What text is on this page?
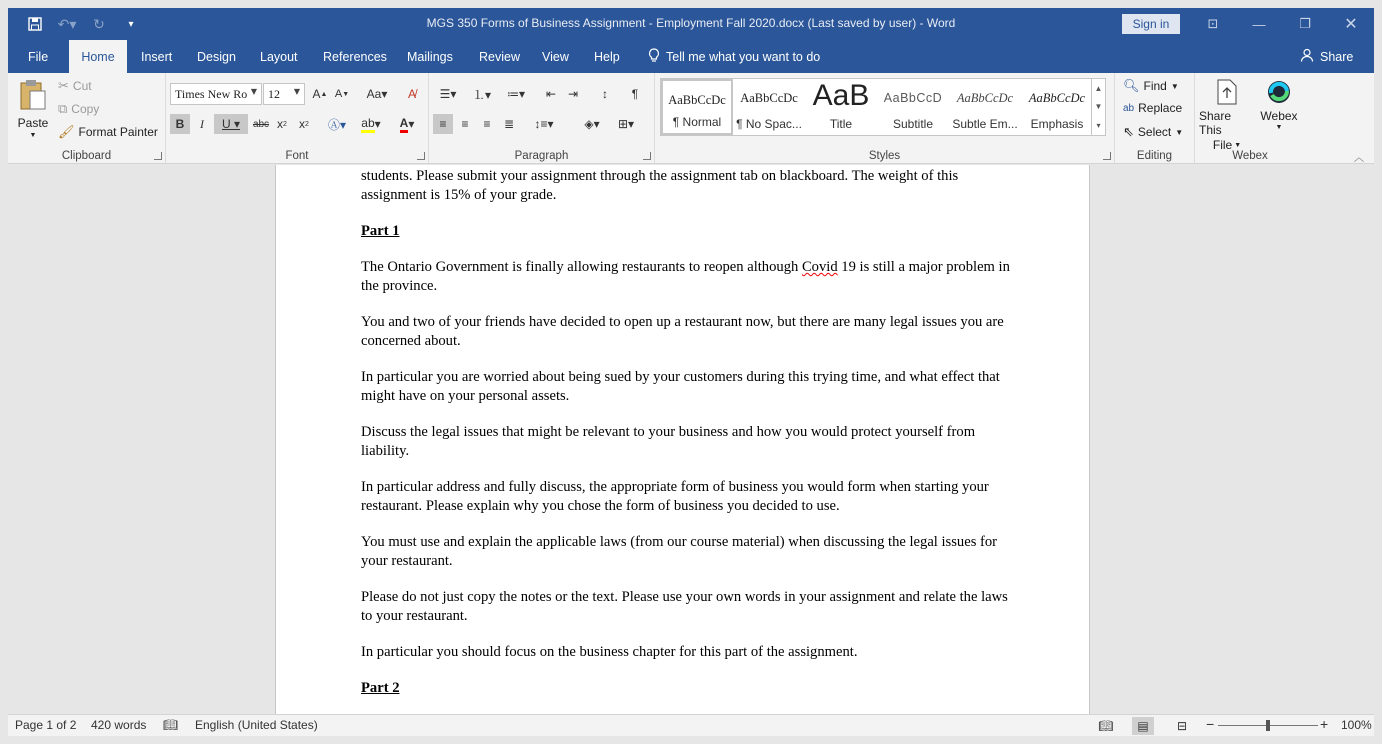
↶▾	↻	▾	MGS 350 Forms of Business Assignment - Employment Fall 2020.docx (Last saved by user) - Word	Sign in	⊡	—	❐	✕
File	Home	Insert Design Layout References Mailings Review View Help	Tell me what you want to do	Share
Paste
▼
✂ Cut
⧉ Copy
🖌 Format Painter
Clipboard
Times New Ro ▼ 12 ▼ A ▲ A ▼	Aa▾	A̸
B	I	U ▾	abc x 2	x 2	Ⓐ▾	ab ▾	A ▾
Font
☰▾	⒈▾	≔▾	⇤ ⇥	↕	¶
≡	≡	≡	≣	↕≡▾	◈▾	⊞▾
Paragraph	Styles
AaBbCcDc
¶ Normal
AaBbCcDc
¶ No Spac...
AaB
Title
AaBbCcD
Subtitle
AaBbCcDc
Subtle Em...
AaBbCcDc
Emphasis
▲
▼
▾
🔍︎ Find ▼
ab Replace
⇖ Select ▼
Editing
Share This
File ▼
Webex
▼
Webex	︿

students. Please submit your assignment through the assignment tab on blackboard. The weight of this assignment is 15% of your grade.

Part 1

The Ontario Government is finally allowing restaurants to reopen although Covid 19 is still a major problem in the province.

You and two of your friends have decided to open up a restaurant now, but there are many legal issues you are concerned about.

In particular you are worried about being sued by your customers during this trying time, and what effect that might have on your personal assets.

Discuss the legal issues that might be relevant to your business and how you would protect yourself from liability.

In particular address and fully discuss, the appropriate form of business you would form when starting your restaurant. Please explain why you chose the form of business you decided to use.

You must use and explain the applicable laws (from our course material) when discussing the legal issues for your restaurant.

Please do not just copy the notes or the text. Please use your own words in your assignment and relate the laws to your restaurant.

In particular you should focus on the business chapter for this part of the assignment.

Part 2

Page 1 of 2 420 words 📖︎ English (United States)	📖︎	▤	⊟	−	+ 100%
